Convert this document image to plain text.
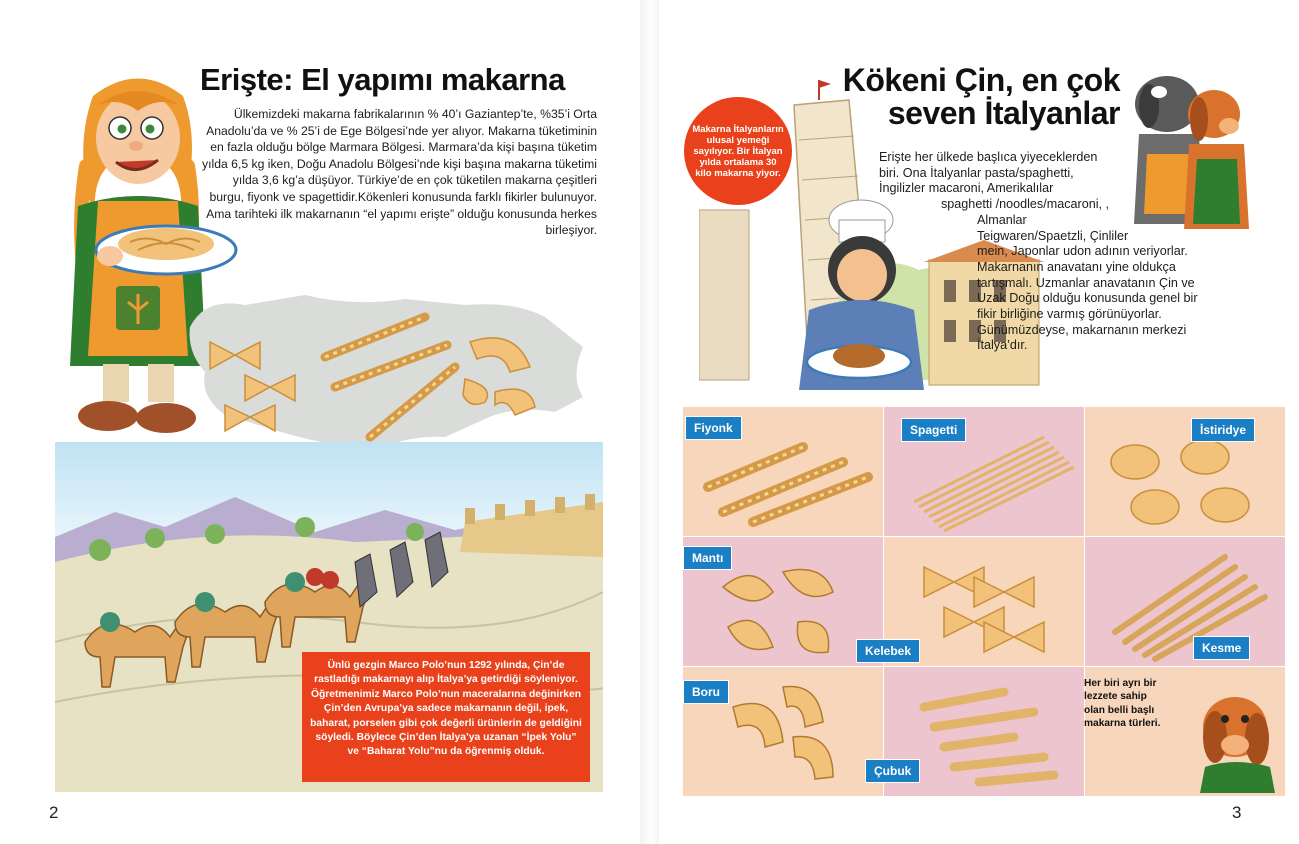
Erişte: El yapımı makarna

Ülkemizdeki makarna fabrikalarının % 40’ı Gaziantep’te, %35’i Orta Anadolu’da ve % 25’i de Ege Bölgesi’nde yer alıyor. Makarna tüketiminin en fazla olduğu bölge Marmara Bölgesi. Marmara’da kişi başına tüketim yılda 6,5 kg iken, Doğu Anadolu Bölgesi’nde kişi başına makarna tüketimi yılda 3,6 kg’a düşüyor. Türkiye’de en çok tüketilen makarna çeşitleri burgu, fiyonk ve spagettidir.Kökenleri konusunda farklı fikirler bulunuyor. Ama tarihteki ilk makarnanın “el yapımı erişte” olduğu konusunda herkes birleşiyor.

Ünlü gezgin Marco Polo’nun 1292 yılında, Çin’de rastladığı makarnayı alıp İtalya’ya getirdiği söyleniyor. Öğretmenimiz Marco Polo’nun maceralarına değinirken Çin’den Avrupa’ya sadece makarnanın değil, ipek, baharat, porselen gibi çok değerli ürünlerin de geldiğini söyledi. Böylece Çin’den İtalya’ya uzanan “İpek Yolu” ve “Baharat Yolu”nu da öğrenmiş olduk.

2
Makarna İtalyanların ulusal yemeği sayılıyor. Bir İtalyan yılda ortalama 30 kilo makarna yiyor.
Kökeni Çin, en çok
seven İtalyanlar

Erişte her ülkede başlıca yiyeceklerden
biri. Ona İtalyanlar pasta/spaghetti,
İngilizler macaroni, Amerikalılar
spaghetti /noodles/macaroni, ,
Almanlar
Teigwaren/Spaetzli, Çinliler
mein, Japonlar udon adının veriyorlar.
Makarnanın anavatanı yine oldukça
tartışmalı. Uzmanlar anavatanın Çin ve
Uzak Doğu olduğu konusunda genel bir
fikir birliğine varmış görünüyorlar.
Günümüzdeyse, makarnanın merkezi
İtalya’dır.

Fiyonk	Spagetti	İstiridye
Mantı
Kelebek	Kesme
Boru
Çubuk

Her biri ayrı bir lezzete sahip olan belli başlı makarna türleri.

3
